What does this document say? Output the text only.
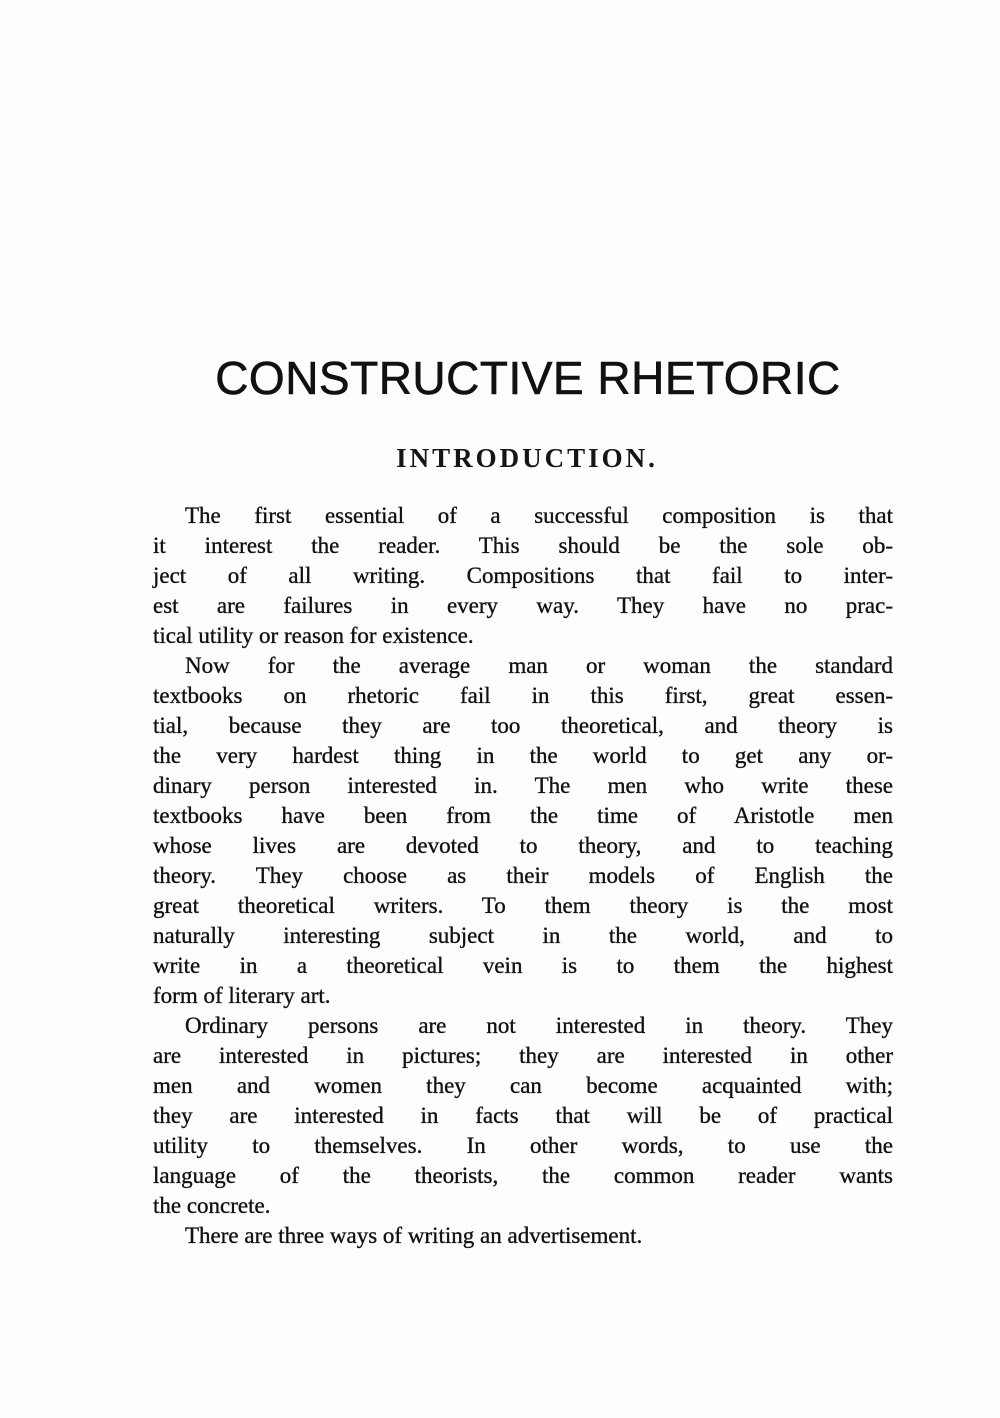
CONSTRUCTIVE RHETORIC
INTRODUCTION.
The first essential of a successful composition is that
it interest the reader. This should be the sole ob-
ject of all writing. Compositions that fail to inter-
est are failures in every way. They have no prac-
tical utility or reason for existence.
Now for the average man or woman the standard
textbooks on rhetoric fail in this first, great essen-
tial, because they are too theoretical, and theory is
the very hardest thing in the world to get any or-
dinary person interested in. The men who write these
textbooks have been from the time of Aristotle men
whose lives are devoted to theory, and to teaching
theory. They choose as their models of English the
great theoretical writers. To them theory is the most
naturally interesting subject in the world, and to
write in a theoretical vein is to them the highest
form of literary art.
Ordinary persons are not interested in theory. They
are interested in pictures; they are interested in other
men and women they can become acquainted with;
they are interested in facts that will be of practical
utility to themselves. In other words, to use the
language of the theorists, the common reader wants
the concrete.
There are three ways of writing an advertisement.
